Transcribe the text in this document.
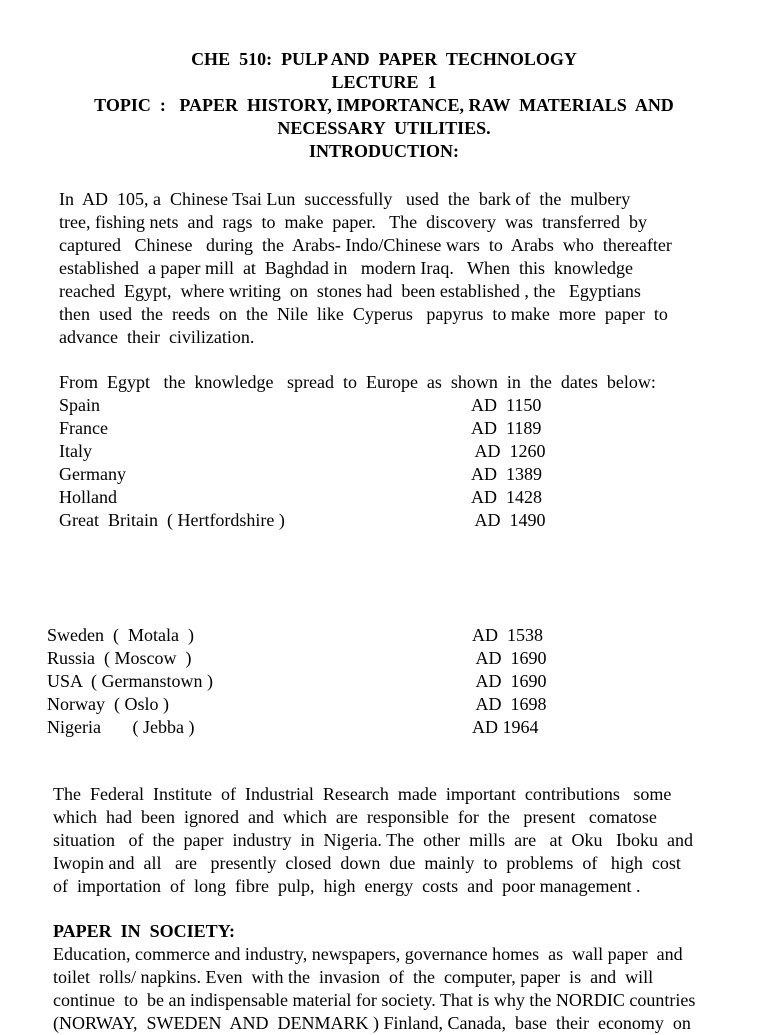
CHE  510:  PULP AND  PAPER  TECHNOLOGY
LECTURE  1
TOPIC  :   PAPER  HISTORY, IMPORTANCE, RAW  MATERIALS  AND
NECESSARY  UTILITIES.
INTRODUCTION:

In  AD  105, a  Chinese Tsai Lun  successfully   used  the  bark of  the  mulbery
tree, fishing nets  and  rags  to  make  paper.   The  discovery  was  transferred  by
captured   Chinese   during  the  Arabs- Indo/Chinese wars  to  Arabs  who  thereafter
established  a paper mill  at  Baghdad in   modern Iraq.   When  this  knowledge
reached  Egypt,  where writing  on  stones had  been established , the   Egyptians
then  used  the  reeds  on  the  Nile  like  Cyperus   papyrus  to make  more  paper  to
advance  their  civilization.

From  Egypt   the  knowledge   spread  to  Europe  as  shown  in  the  dates  below:
Spain	AD  1150
France	AD  1189
Italy	AD  1260
Germany	AD  1389
Holland	AD  1428
Great  Britain  ( Hertfordshire )	AD  1490
Sweden  (  Motala  )	AD  1538
Russia  ( Moscow  )	AD  1690
USA  ( Germanstown )	AD  1690
Norway  ( Oslo )	AD  1698
Nigeria       ( Jebba )	AD 1964

The  Federal  Institute  of  Industrial  Research  made  important  contributions   some
which  had  been  ignored  and  which  are  responsible  for  the   present   comatose
situation   of  the  paper  industry  in  Nigeria. The  other  mills  are   at  Oku   Iboku  and
Iwopin and  all   are   presently  closed  down  due  mainly  to  problems  of   high  cost
of  importation  of  long  fibre  pulp,  high  energy  costs  and  poor management .

PAPER  IN  SOCIETY:

Education, commerce and industry, newspapers, governance homes  as  wall paper  and
toilet  rolls/ napkins. Even  with the  invasion  of  the  computer, paper  is  and  will
continue  to  be an indispensable material for society. That is why the NORDIC countries
(NORWAY,  SWEDEN  AND  DENMARK ) Finland, Canada,  base  their  economy  on
